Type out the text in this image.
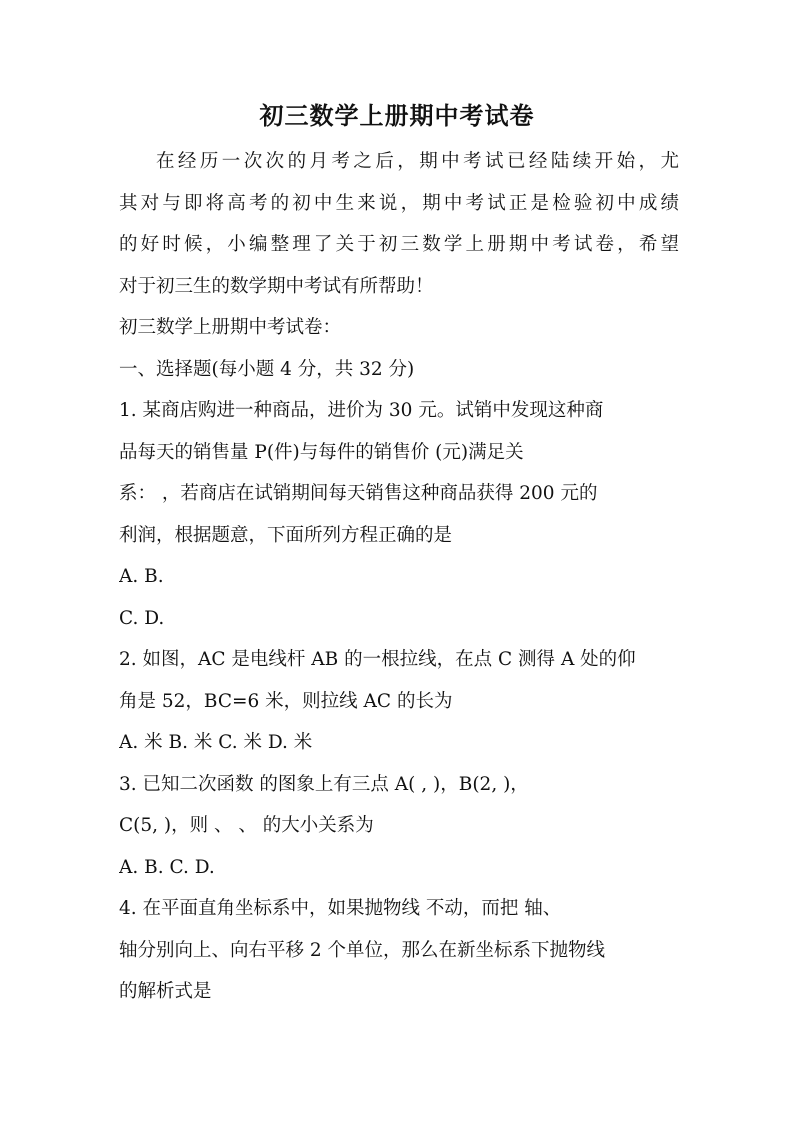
初三数学上册期中考试卷

在经历一次次的月考之后，期中考试已经陆续开始，尤

其对与即将高考的初中生来说，期中考试正是检验初中成绩

的好时候，小编整理了关于初三数学上册期中考试卷，希望

对于初三生的数学期中考试有所帮助！

初三数学上册期中考试卷：

一、选择题(每小题 4 分，共 32 分)

1. 某商店购进一种商品，进价为 30 元。试销中发现这种商

品每天的销售量 P(件)与每件的销售价 (元)满足关

系： ，若商店在试销期间每天销售这种商品获得 200 元的

利润，根据题意，下面所列方程正确的是

A. B.

C. D.

2. 如图，AC 是电线杆 AB 的一根拉线，在点 C 测得 A 处的仰

角是 52，BC=6 米，则拉线 AC 的长为

A. 米 B. 米 C. 米 D. 米

3. 已知二次函数 的图象上有三点 A( , )，B(2, )，

C(5, )，则 、 、 的大小关系为

A. B. C. D.

4. 在平面直角坐标系中，如果抛物线 不动，而把 轴、

轴分别向上、向右平移 2 个单位，那么在新坐标系下抛物线

的解析式是
